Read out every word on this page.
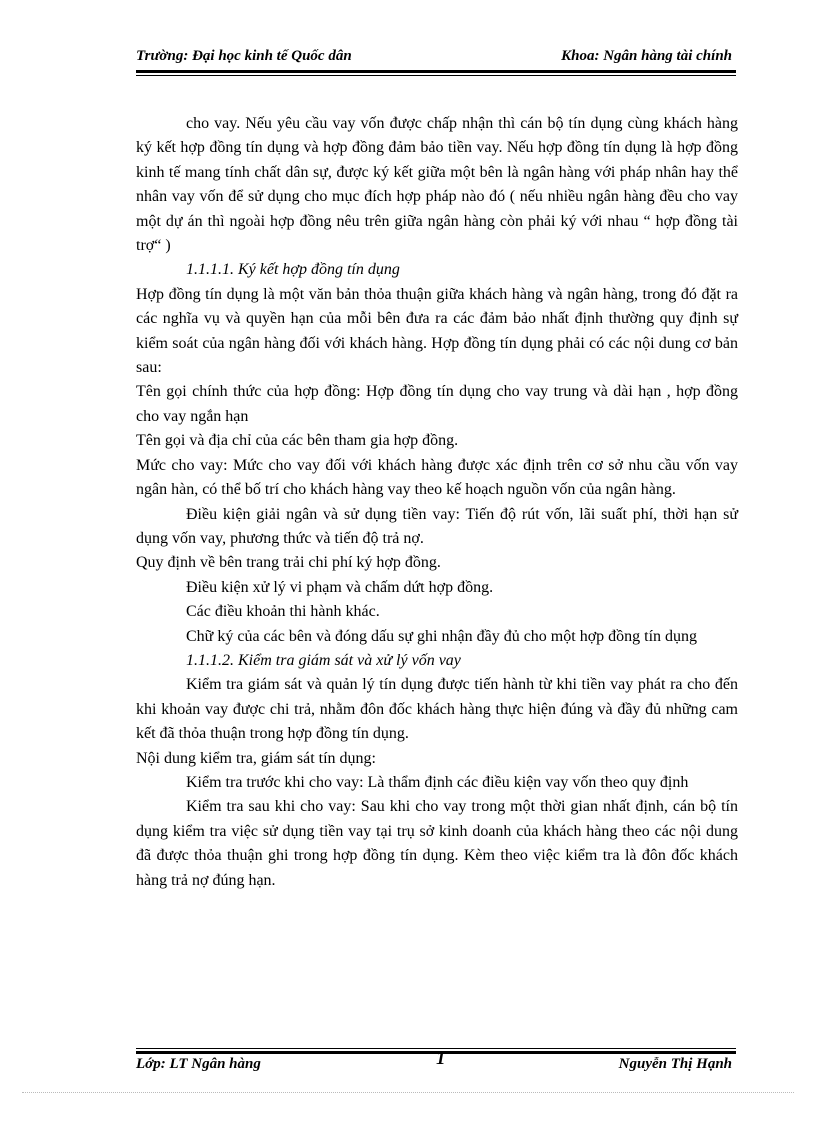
Trường: Đại học kinh tế Quốc dân	Khoa: Ngân hàng tài chính

cho vay. Nếu yêu cầu vay vốn được chấp nhận thì cán bộ tín dụng cùng khách hàng ký kết hợp đồng tín dụng và hợp đồng đảm bảo tiền vay. Nếu hợp đồng tín dụng là hợp đồng kinh tế mang tính chất dân sự, được ký kết giữa một bên là ngân hàng với pháp nhân hay thể nhân vay vốn để sử dụng cho mục đích hợp pháp nào đó ( nếu nhiều ngân hàng đều cho vay một dự án thì ngoài hợp đồng nêu trên giữa ngân hàng còn phải ký với nhau “ hợp đồng tài trợ“ )

1.1.1.1. Ký kết hợp đồng tín dụng

Hợp đồng tín dụng là một văn bản thỏa thuận giữa khách hàng và ngân hàng, trong đó đặt ra các nghĩa vụ và quyền hạn của mỗi bên đưa ra các đảm bảo nhất định thường quy định sự kiểm soát của ngân hàng đối với khách hàng. Hợp đồng tín dụng phải có các nội dung cơ bản sau:

Tên gọi chính thức của hợp đồng: Hợp đồng tín dụng cho vay trung và dài hạn , hợp đồng cho vay ngắn hạn

Tên gọi và địa chỉ của các bên tham gia hợp đồng.

Mức cho vay: Mức cho vay đối với khách hàng được xác định trên cơ sở nhu cầu vốn vay ngân hàn, có thể bố trí cho khách hàng vay theo kế hoạch nguồn vốn của ngân hàng.

Điều kiện giải ngân và sử dụng tiền vay: Tiến độ rút vốn, lãi suất phí, thời hạn sử dụng vốn vay, phương thức và tiến độ trả nợ.

Quy định về bên trang trải chi phí ký hợp đồng.

Điều kiện xử lý vi phạm và chấm dứt hợp đồng.

Các điều khoản thi hành khác.

Chữ ký của các bên và đóng dấu sự ghi nhận đầy đủ cho một hợp đồng tín dụng

1.1.1.2. Kiểm tra giám sát và xử lý vốn vay

Kiểm tra giám sát và quản lý tín dụng được tiến hành từ khi tiền vay phát ra cho đến khi khoản vay được chi trả, nhằm đôn đốc khách hàng thực hiện đúng và đầy đủ những cam kết đã thỏa thuận trong hợp đồng tín dụng.

Nội dung kiểm tra, giám sát tín dụng:

Kiểm tra trước khi cho vay: Là thẩm định các điều kiện vay vốn theo quy định

Kiểm tra sau khi cho vay: Sau khi cho vay trong một thời gian nhất định, cán bộ tín dụng kiểm tra việc sử dụng tiền vay tại trụ sở kinh doanh của khách hàng theo các nội dung đã được thỏa thuận ghi trong hợp đồng tín dụng. Kèm theo việc kiểm tra là đôn đốc khách hàng trả nợ đúng hạn.

Lớp: LT Ngân hàng	Nguyễn Thị Hạnh
1
